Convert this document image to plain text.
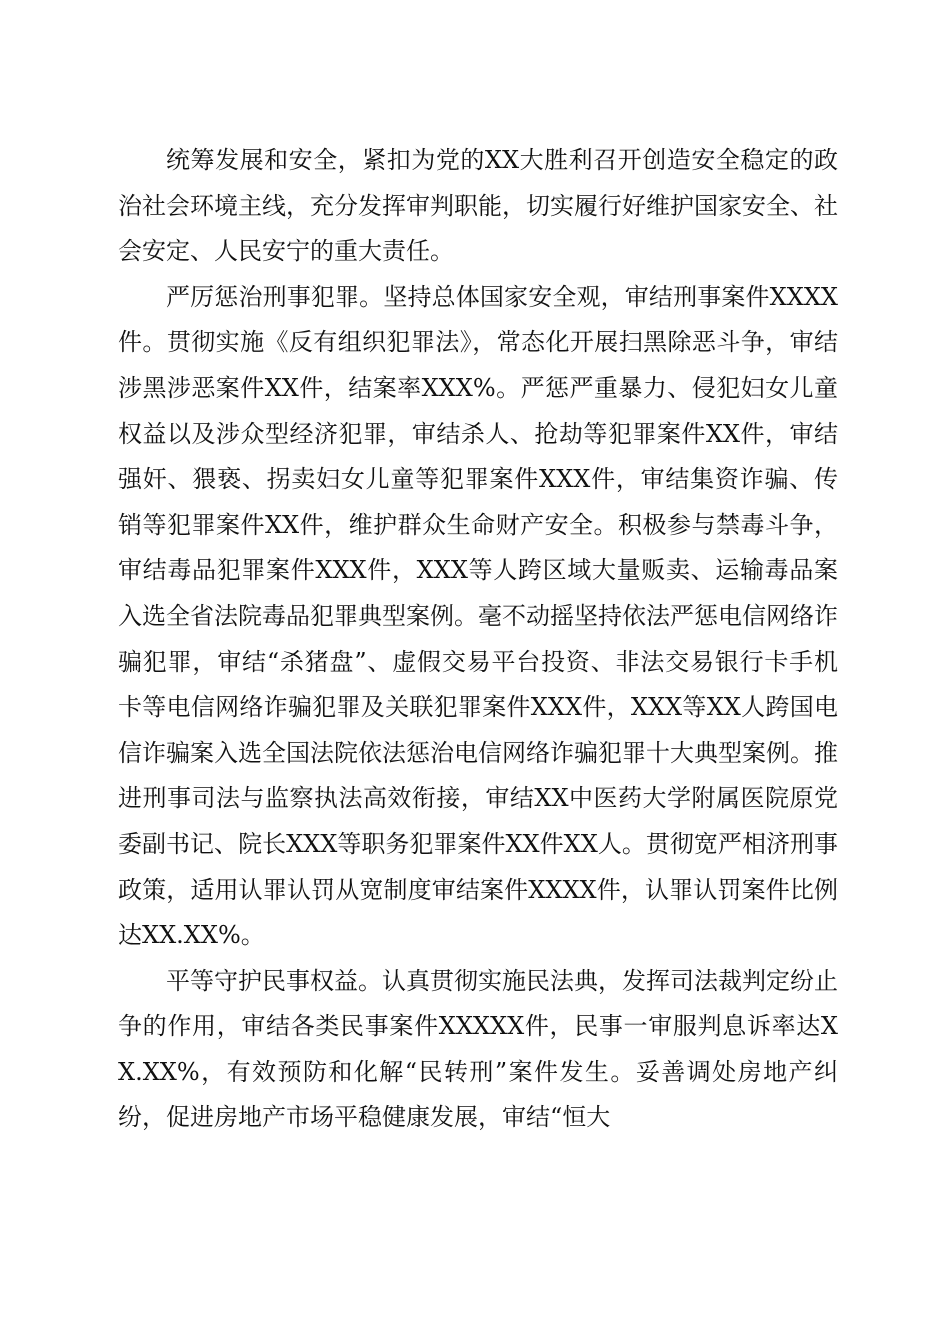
统筹发展和安全，紧扣为党的XX大胜利召开创造安全稳定的政治社会环境主线，充分发挥审判职能，切实履行好维护国家安全、社会安定、人民安宁的重大责任。

严厉惩治刑事犯罪。坚持总体国家安全观，审结刑事案件XXXX件。贯彻实施《反有组织犯罪法》，常态化开展扫黑除恶斗争，审结涉黑涉恶案件XX件，结案率XXX%。严惩严重暴力、侵犯妇女儿童权益以及涉众型经济犯罪，审结杀人、抢劫等犯罪案件XX件，审结强奸、猥亵、拐卖妇女儿童等犯罪案件XXX件，审结集资诈骗、传销等犯罪案件XX件，维护群众生命财产安全。积极参与禁毒斗争，审结毒品犯罪案件XXX件，XXX等人跨区域大量贩卖、运输毒品案入选全省法院毒品犯罪典型案例。毫不动摇坚持依法严惩电信网络诈骗犯罪，审结“杀猪盘”、虚假交易平台投资、非法交易银行卡手机卡等电信网络诈骗犯罪及关联犯罪案件XXX件，XXX等XX人跨国电信诈骗案入选全国法院依法惩治电信网络诈骗犯罪十大典型案例。推进刑事司法与监察执法高效衔接，审结XX中医药大学附属医院原党委副书记、院长XXX等职务犯罪案件XX件XX人。贯彻宽严相济刑事政策，适用认罪认罚从宽制度审结案件XXXX件，认罪认罚案件比例达XX.XX%。

平等守护民事权益。认真贯彻实施民法典，发挥司法裁判定纷止争的作用，审结各类民事案件XXXXX件，民事一审服判息诉率达XX.XX%，有效预防和化解“民转刑”案件发生。妥善调处房地产纠纷，促进房地产市场平稳健康发展，审结“恒大
